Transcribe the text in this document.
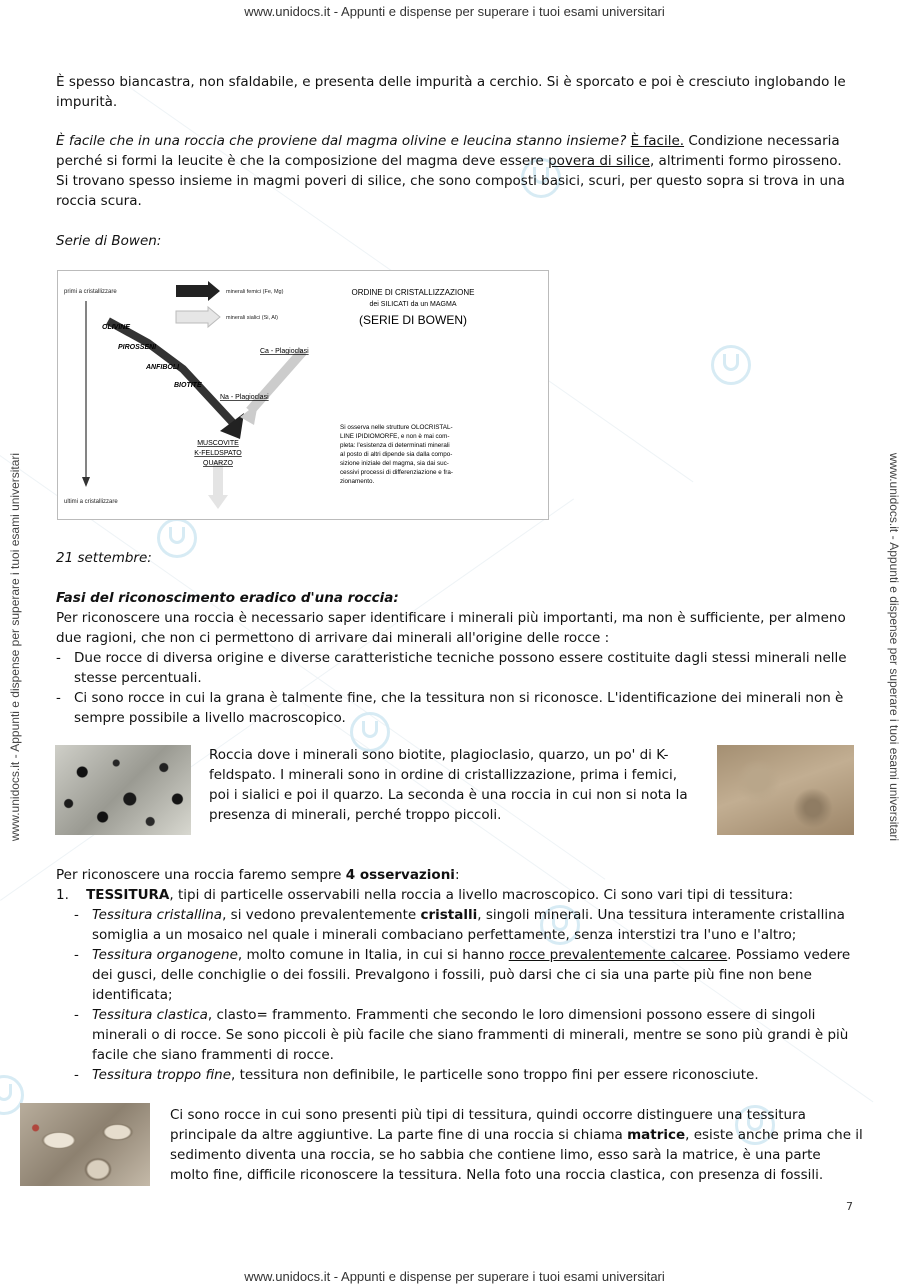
www.unidocs.it - Appunti e dispense per superare i tuoi esami universitari
www.unidocs.it - Appunti e dispense per superare i tuoi esami universitari
www.unidocs.it - Appunti e dispense per superare i tuoi esami universitari	www.unidocs.it - Appunti e dispense per superare i tuoi esami universitari
È spesso biancastra, non sfaldabile, e presenta delle impurità a cerchio. Si è sporcato e poi è cresciuto inglobando le
impurità.
È facile che in una roccia che proviene dal magma olivine e leucina stanno insieme? È facile. Condizione necessaria
perché si formi la leucite è che la composizione del magma deve essere povera di silice, altrimenti formo pirosseno.
Si trovano spesso insieme in magmi poveri di silice, che sono composti basici, scuri, per questo sopra si trova in una
roccia scura.
Serie di Bowen:
primi a cristallizzare
ultimi a cristallizzare
minerali femici (Fe, Mg)
minerali sialici (Si, Al)
OLIVINE
PIROSSENI
ANFIBOLI
BIOTITE
Ca - Plagioclasi
Na - Plagioclasi
MUSCOVITE
K-FELDSPATO
QUARZO
ORDINE DI CRISTALLIZZAZIONE
dei SILICATI da un MAGMA
(SERIE DI BOWEN)
Si osserva nelle strutture OLOCRISTAL-
LINE IPIDIOMORFE, e non è mai com-
pleta: l'esistenza di determinati minerali
al posto di altri dipende sia dalla compo-
sizione iniziale del magma, sia dai suc-
cessivi processi di differenziazione e fra-
zionamento.
21 settembre:
Fasi del riconoscimento eradico d'una roccia:
Per riconoscere una roccia è necessario saper identificare i minerali più importanti, ma non è sufficiente, per almeno
due ragioni, che non ci permettono di arrivare dai minerali all'origine delle rocce :
- Due rocce di diversa origine e diverse caratteristiche tecniche possono essere costituite dagli stessi minerali nelle
stesse percentuali.
- Ci sono rocce in cui la grana è talmente fine, che la tessitura non si riconosce. L'identificazione dei minerali non è
sempre possibile a livello macroscopico.
Roccia dove i minerali sono biotite, plagioclasio, quarzo, un po' di K-
feldspato. I minerali sono in ordine di cristallizzazione, prima i femici,
poi i sialici e poi il quarzo. La seconda è una roccia in cui non si nota la
presenza di minerali, perché troppo piccoli.
Per riconoscere una roccia faremo sempre 4 osservazioni:
1. TESSITURA, tipi di particelle osservabili nella roccia a livello macroscopico. Ci sono vari tipi di tessitura:
- Tessitura cristallina, si vedono prevalentemente cristalli, singoli minerali. Una tessitura interamente cristallina
somiglia a un mosaico nel quale i minerali combaciano perfettamente, senza interstizi tra l'uno e l'altro;
- Tessitura organogene, molto comune in Italia, in cui si hanno rocce prevalentemente calcaree. Possiamo vedere
dei gusci, delle conchiglie o dei fossili. Prevalgono i fossili, può darsi che ci sia una parte più fine non bene
identificata;
- Tessitura clastica, clasto= frammento. Frammenti che secondo le loro dimensioni possono essere di singoli
minerali o di rocce. Se sono piccoli è più facile che siano frammenti di minerali, mentre se sono più grandi è più
facile che siano frammenti di rocce.
- Tessitura troppo fine, tessitura non definibile, le particelle sono troppo fini per essere riconosciute.
Ci sono rocce in cui sono presenti più tipi di tessitura, quindi occorre distinguere una tessitura
principale da altre aggiuntive. La parte fine di una roccia si chiama matrice, esiste anche prima che il
sedimento diventa una roccia, se ho sabbia che contiene limo, esso sarà la matrice, è una parte
molto fine, difficile riconoscere la tessitura. Nella foto una roccia clastica, con presenza di fossili.
7
